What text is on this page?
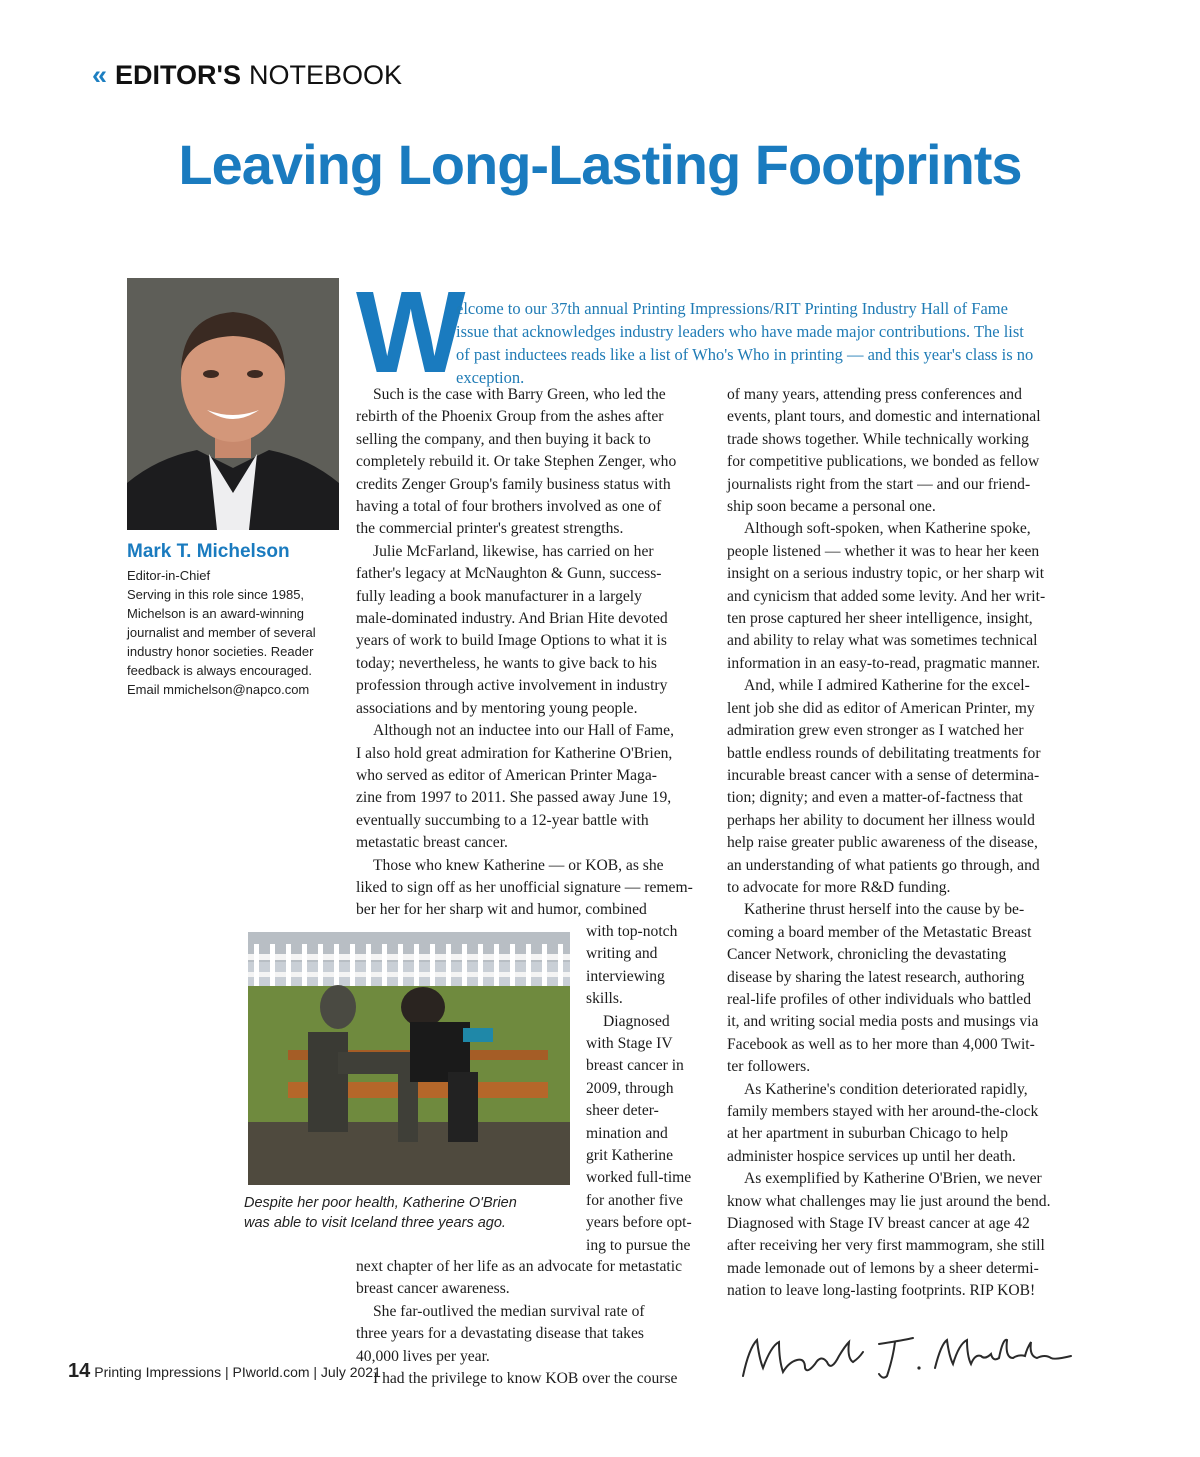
« EDITOR'S NOTEBOOK
Leaving Long-Lasting Footprints
Mark T. Michelson
Editor-in-Chief
Serving in this role since 1985,
Michelson is an award-winning
journalist and member of several
industry honor societies. Reader
feedback is always encouraged.
Email mmichelson@napco.com
W
elcome to our 37th annual Printing Impressions/RIT Printing Industry Hall of Fame
issue that acknowledges industry leaders who have made major contributions. The list
of past inductees reads like a list of Who's Who in printing — and this year's class is no
exception.
Such is the case with Barry Green, who led the
rebirth of the Phoenix Group from the ashes after
selling the company, and then buying it back to
completely rebuild it. Or take Stephen Zenger, who
credits Zenger Group's family business status with
having a total of four brothers involved as one of
the commercial printer's greatest strengths.
Julie McFarland, likewise, has carried on her
father's legacy at McNaughton & Gunn, success-
fully leading a book manufacturer in a largely
male-dominated industry. And Brian Hite devoted
years of work to build Image Options to what it is
today; nevertheless, he wants to give back to his
profession through active involvement in industry
associations and by mentoring young people.
Although not an inductee into our Hall of Fame,
I also hold great admiration for Katherine O'Brien,
who served as editor of American Printer Maga-
zine from 1997 to 2011. She passed away June 19,
eventually succumbing to a 12-year battle with
metastatic breast cancer.
Those who knew Katherine — or KOB, as she
liked to sign off as her unofficial signature — remem-
ber her for her sharp wit and humor, combined
with top-notch
writing and
interviewing
skills.
Diagnosed
with Stage IV
breast cancer in
2009, through
sheer deter-
mination and
grit Katherine
worked full-time
for another five
years before opt-
ing to pursue the
next chapter of her life as an advocate for metastatic
breast cancer awareness.
She far-outlived the median survival rate of
three years for a devastating disease that takes
40,000 lives per year.
I had the privilege to know KOB over the course
of many years, attending press conferences and
events, plant tours, and domestic and international
trade shows together. While technically working
for competitive publications, we bonded as fellow
journalists right from the start — and our friend-
ship soon became a personal one.
Although soft-spoken, when Katherine spoke,
people listened — whether it was to hear her keen
insight on a serious industry topic, or her sharp wit
and cynicism that added some levity. And her writ-
ten prose captured her sheer intelligence, insight,
and ability to relay what was sometimes technical
information in an easy-to-read, pragmatic manner.
And, while I admired Katherine for the excel-
lent job she did as editor of American Printer, my
admiration grew even stronger as I watched her
battle endless rounds of debilitating treatments for
incurable breast cancer with a sense of determina-
tion; dignity; and even a matter-of-factness that
perhaps her ability to document her illness would
help raise greater public awareness of the disease,
an understanding of what patients go through, and
to advocate for more R&D funding.
Katherine thrust herself into the cause by be-
coming a board member of the Metastatic Breast
Cancer Network, chronicling the devastating
disease by sharing the latest research, authoring
real-life profiles of other individuals who battled
it, and writing social media posts and musings via
Facebook as well as to her more than 4,000 Twit-
ter followers.
As Katherine's condition deteriorated rapidly,
family members stayed with her around-the-clock
at her apartment in suburban Chicago to help
administer hospice services up until her death.
As exemplified by Katherine O'Brien, we never
know what challenges may lie just around the bend.
Diagnosed with Stage IV breast cancer at age 42
after receiving her very first mammogram, she still
made lemonade out of lemons by a sheer determi-
nation to leave long-lasting footprints. RIP KOB!
Despite her poor health, Katherine O'Brien
was able to visit Iceland three years ago.
14 Printing Impressions | PIworld.com | July 2021
